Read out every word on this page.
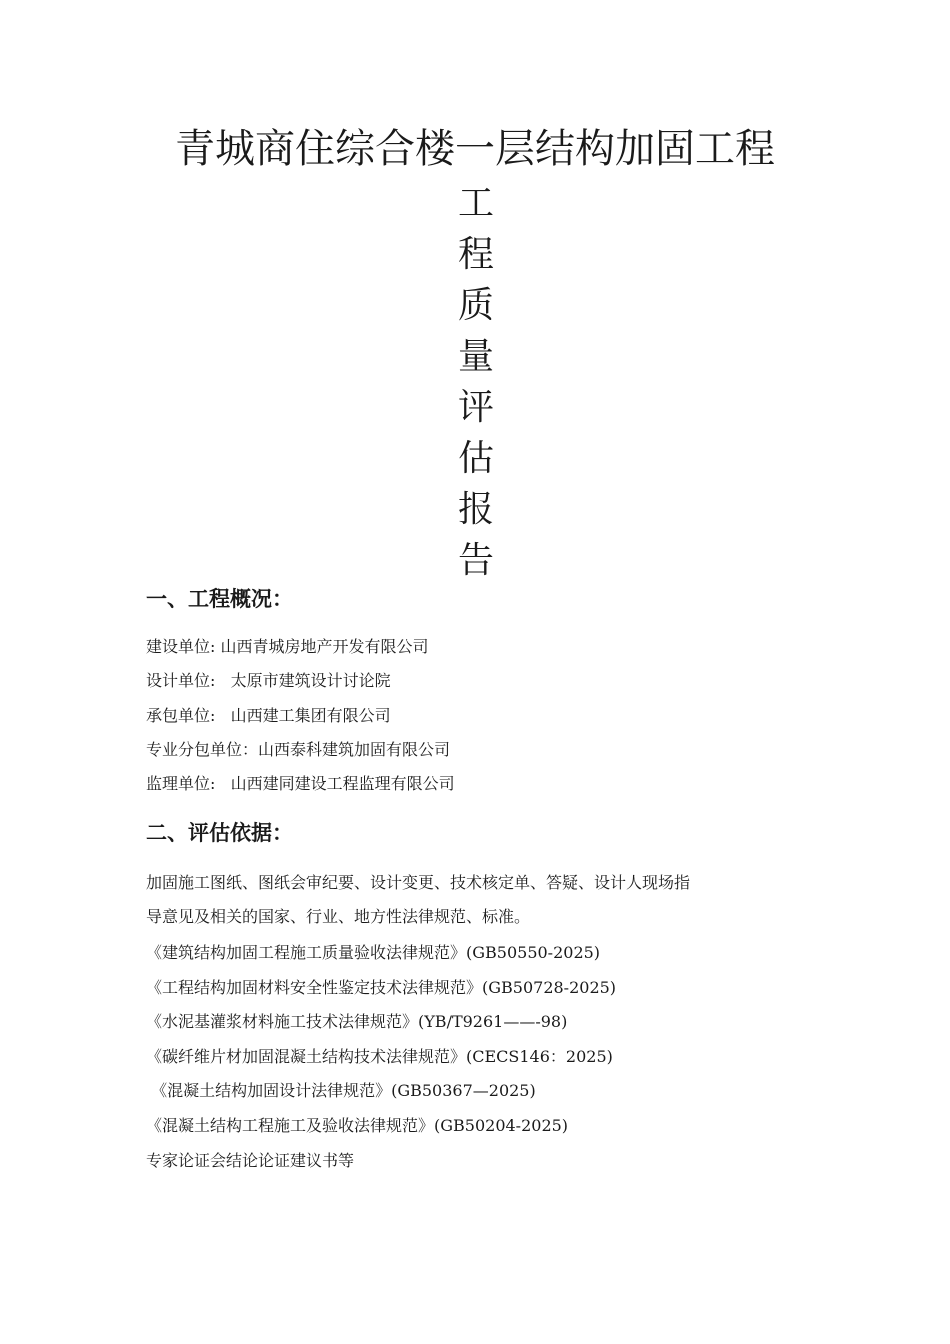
青城商住综合楼一层结构加固工程
工
程
质
量
评
估
报
告
一、工程概况：
建设单位: 山西青城房地产开发有限公司
设计单位:   太原市建筑设计讨论院
承包单位:   山西建工集团有限公司
专业分包单位：山西泰科建筑加固有限公司
监理单位:   山西建同建设工程监理有限公司
二、评估依据：

加固施工图纸、图纸会审纪要、设计变更、技术核定单、答疑、设计人现场指
导意见及相关的国家、行业、地方性法律规范、标准。

《建筑结构加固工程施工质量验收法律规范》(GB50550-2025)
《工程结构加固材料安全性鉴定技术法律规范》(GB50728-2025)
《水泥基灌浆材料施工技术法律规范》(YB/T9261——-98)
《碳纤维片材加固混凝土结构技术法律规范》(CECS146：2025)
《混凝土结构加固设计法律规范》(GB50367—2025)
《混凝土结构工程施工及验收法律规范》(GB50204-2025)

专家论证会结论论证建议书等
